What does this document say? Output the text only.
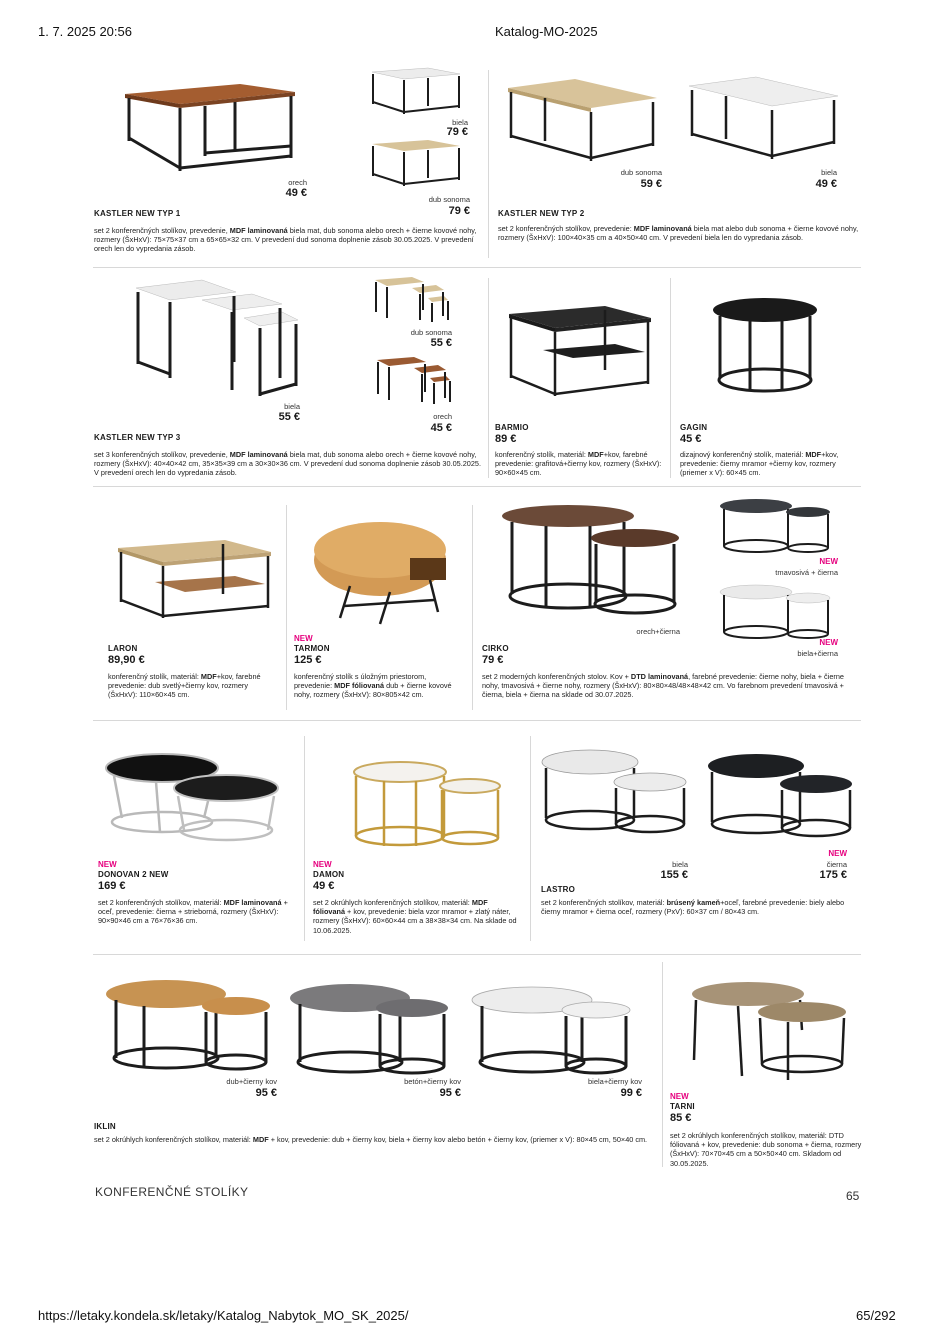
1. 7. 2025 20:56	Katalog-MO-2025
orech
49 €
biela
79 €
dub sonoma
79 €
KASTLER NEW TYP 1
set 2 konferenčných stolíkov, prevedenie, MDF laminovaná biela mat, dub sonoma alebo orech + čierne kovové nohy, rozmery (ŠxHxV): 75×75×37 cm a 65×65×32 cm. V prevedení dud sonoma doplnenie zásob 30.05.2025. V prevedení orech len do vypredania zásob.
dub sonoma
59 €
biela
49 €
KASTLER NEW TYP 2
set 2 konferenčných stolíkov, prevedenie: MDF laminovaná biela mat alebo dub sonoma + čierne kovové nohy, rozmery (ŠxHxV): 100×40×35 cm a 40×50×40 cm. V prevedení biela len do vypredania zásob.
biela
55 €
dub sonoma
55 €
orech
45 €
KASTLER NEW TYP 3
set 3 konferenčných stolíkov, prevedenie, MDF laminovaná biela mat, dub sonoma alebo orech + čierne kovové nohy, rozmery (ŠxHxV): 40×40×42 cm, 35×35×39 cm a 30×30×36 cm. V prevedení dud sonoma doplnenie zásob 30.05.2025. V prevedení orech len do vypredania zásob.
BARMIO
89 €
konferenčný stolík, materiál: MDF+kov, farebné prevedenie: grafitová+čierny kov, rozmery (ŠxHxV): 90×60×45 cm.
GAGIN
45 €
dizajnový konferenčný stolík, materiál: MDF+kov, prevedenie: čierny mramor +čierny kov, rozmery (priemer x V): 60×45 cm.
LARON
89,90 €
konferenčný stolík, materiál: MDF+kov, farebné prevedenie: dub svetlý+čierny kov, rozmery (ŠxHxV): 110×60×45 cm.
NEW
TARMON
125 €
konferenčný stolík s úložným priestorom, prevedenie: MDF fóliovaná dub + čierne kovové nohy, rozmery (ŠxHxV): 80×805×42 cm.
orech+čierna
NEW
tmavosivá + čierna
NEW
biela+čierna
CIRKO
79 €
set 2 moderných konferenčných stolov. Kov + DTD laminovaná, farebné prevedenie: čierne nohy, biela + čierne nohy, tmavosivá + čierne nohy, rozmery (ŠxHxV): 80×80×48/48×48×42 cm. Vo farebnom prevedení tmavosivá + čierna, biela + čierna na sklade od 30.07.2025.
NEW
DONOVAN 2 NEW
169 €
set 2 konferenčných stolíkov, materiál: MDF laminovaná + oceľ, prevedenie: čierna + strieborná, rozmery (ŠxHxV): 90×90×46 cm a 76×76×36 cm.
NEW
DAMON
49 €
set 2 okrúhlych konferenčných stolíkov, materiál: MDF fóliovaná + kov, prevedenie: biela vzor mramor + zlatý náter, rozmery (ŠxHxV): 60×60×44 cm a 38×38×34 cm. Na sklade od 10.06.2025.
biela
155 €
NEW
čierna
175 €
LASTRO
set 2 konferenčných stolíkov, materiál: brúsený kameň+oceľ, farebné prevedenie: biely alebo čierny mramor + čierna oceľ, rozmery (PxV): 60×37 cm / 80×43 cm.
dub+čierny kov
95 €
betón+čierny kov
95 €
biela+čierny kov
99 €
IKLIN
set 2 okrúhlych konferenčných stolíkov, materiál: MDF + kov, prevedenie: dub + čierny kov, biela + čierny kov alebo betón + čierny kov, (priemer x V): 80×45 cm, 50×40 cm.
NEW
TARNI
85 €
set 2 okrúhlych konferenčných stolíkov, materiál: DTD fóliovaná + kov, prevedenie: dub sonoma + čierna, rozmery (ŠxHxV): 70×70×45 cm a 50×50×40 cm. Skladom od 30.05.2025.
KONFERENČNÉ STOLÍKY	65
https://letaky.kondela.sk/letaky/Katalog_Nabytok_MO_SK_2025/	65/292
